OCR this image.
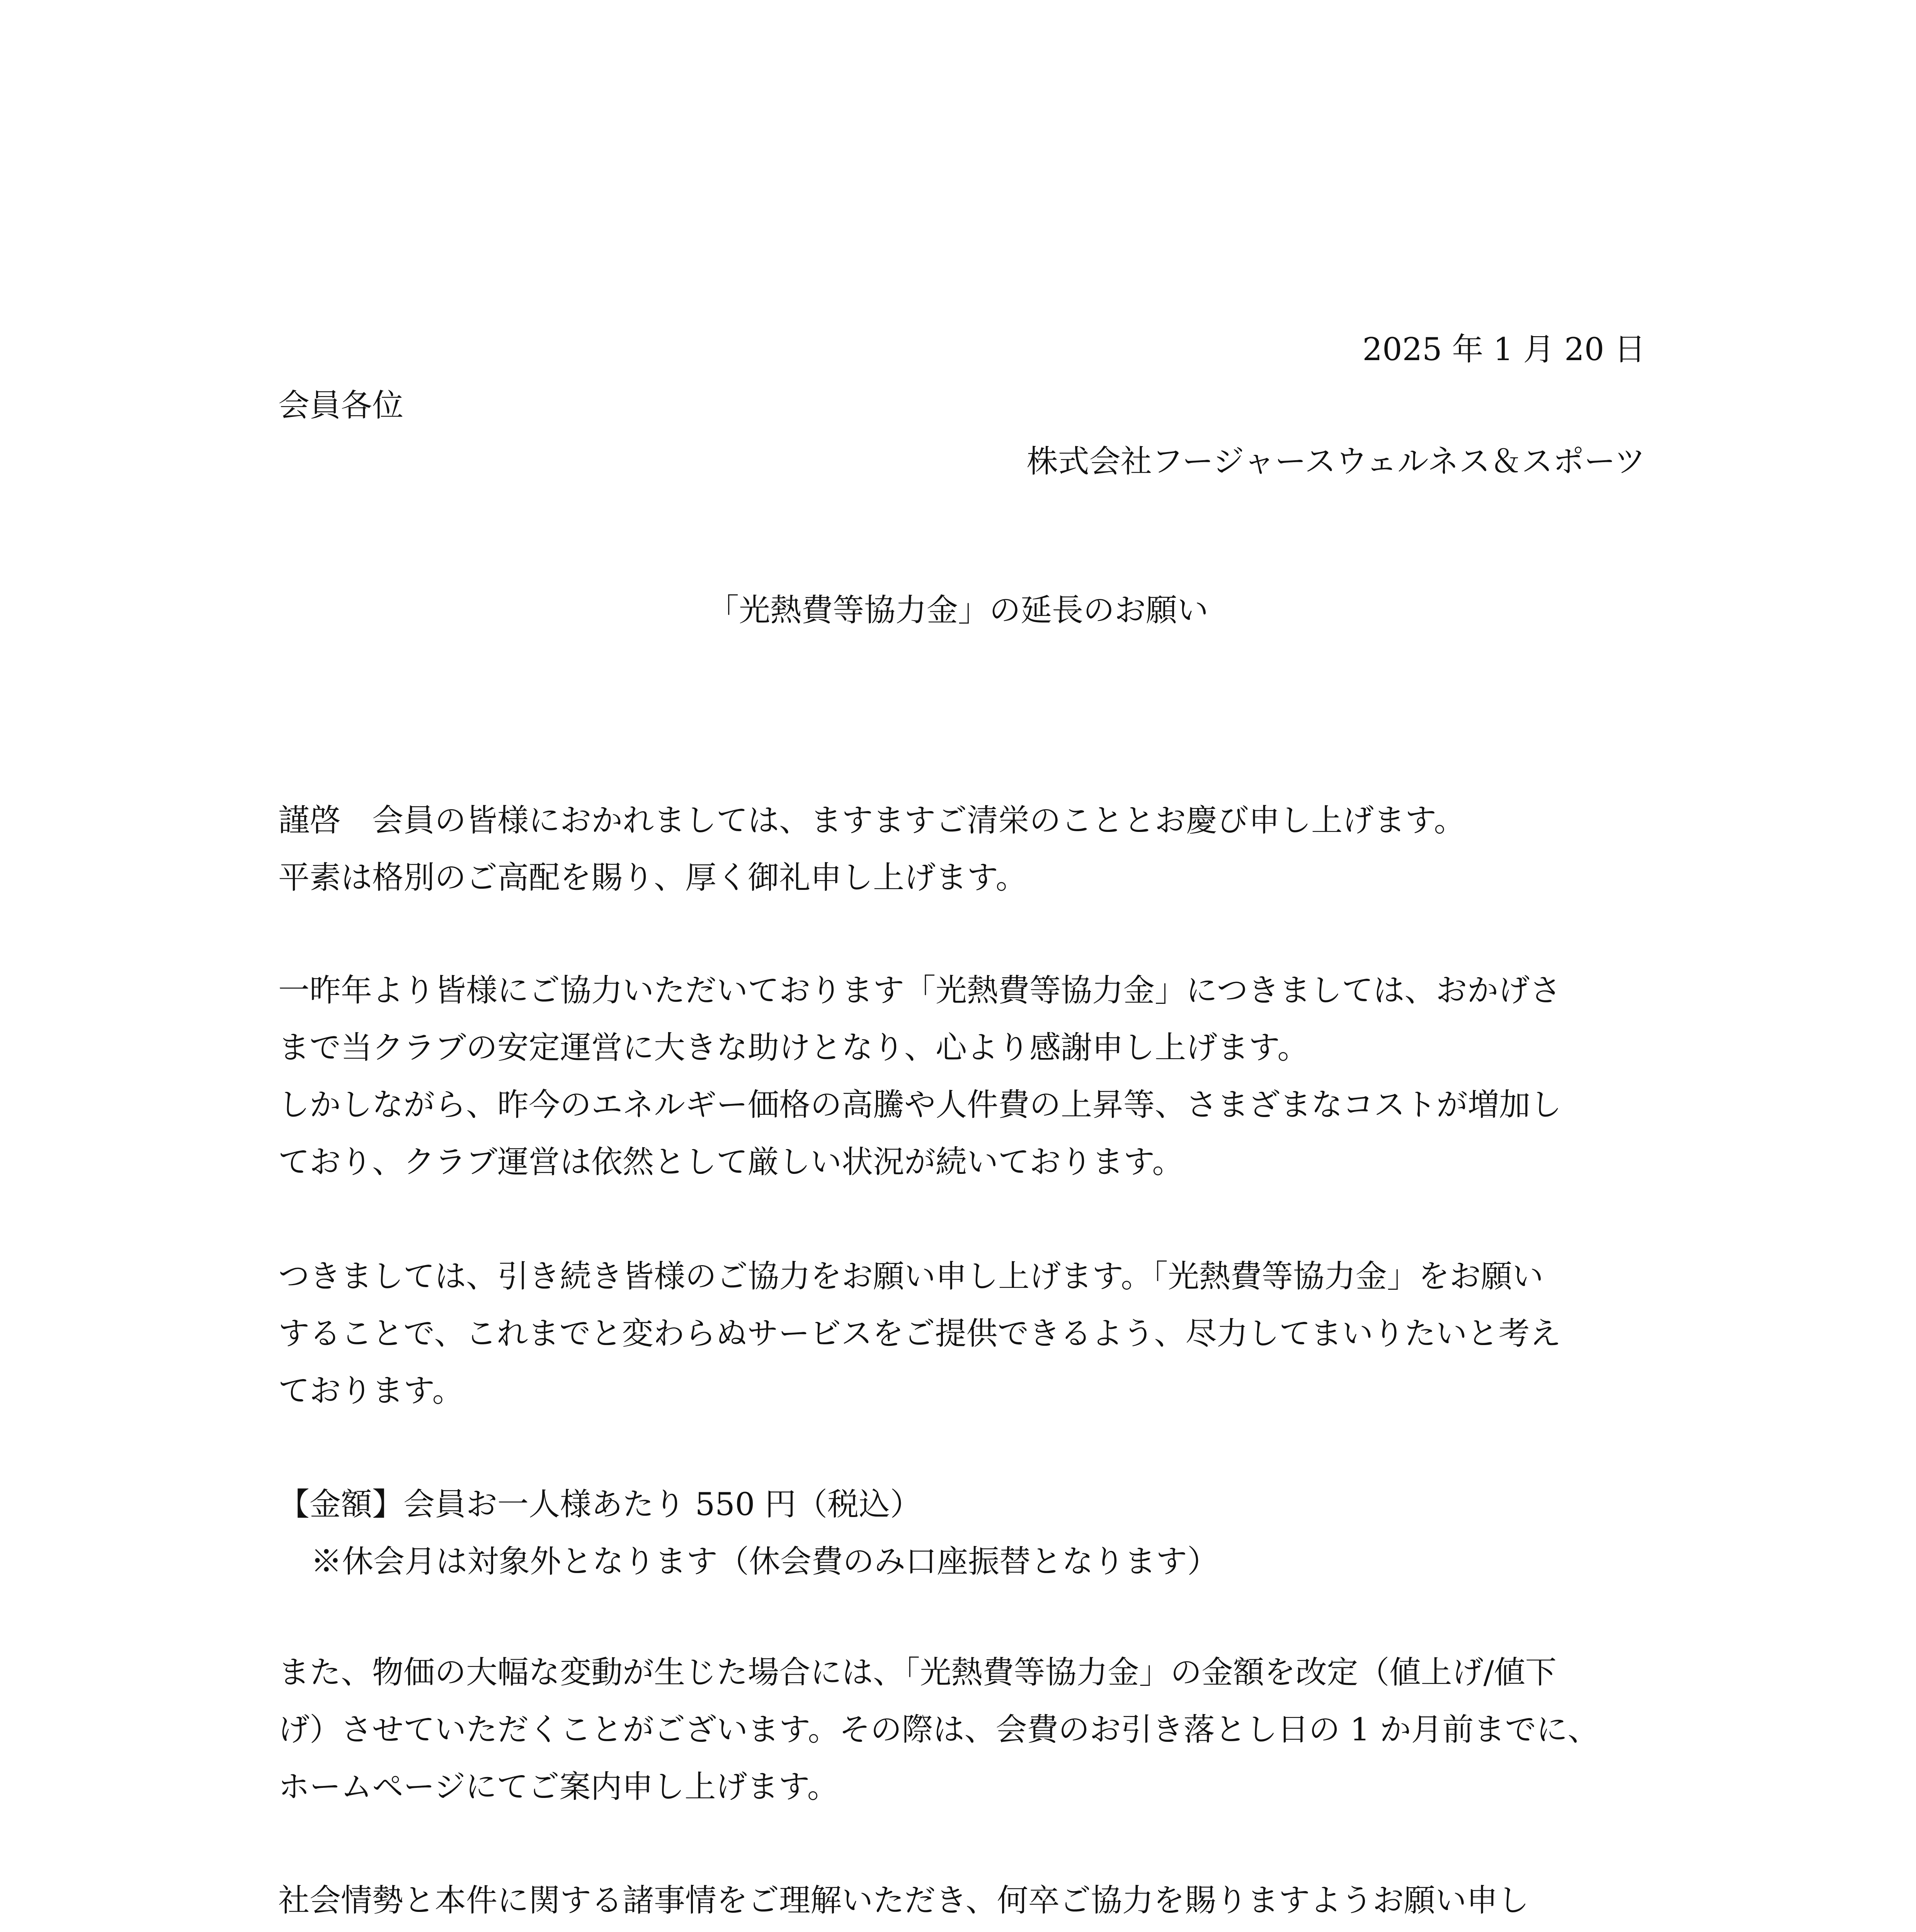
2025 年 1 月 20 日
会員各位
株式会社フージャースウェルネス＆スポーツ
「光熱費等協力金」の延長のお願い
謹啓　会員の皆様におかれましては、ますますご清栄のこととお慶び申し上げます。
平素は格別のご高配を賜り、厚く御礼申し上げます。
一昨年より皆様にご協力いただいております「光熱費等協力金」につきましては、おかげさ
まで当クラブの安定運営に大きな助けとなり、心より感謝申し上げます。
しかしながら、昨今のエネルギー価格の高騰や人件費の上昇等、さまざまなコストが増加し
ており、クラブ運営は依然として厳しい状況が続いております。
つきましては、引き続き皆様のご協力をお願い申し上げます。「光熱費等協力金」をお願い
することで、これまでと変わらぬサービスをご提供できるよう、尽力してまいりたいと考え
ております。
【金額】会員お一人様あたり 550 円（税込）
※休会月は対象外となります（休会費のみ口座振替となります）
また、物価の大幅な変動が生じた場合には、「光熱費等協力金」の金額を改定（値上げ/値下
げ）させていただくことがございます。その際は、会費のお引き落とし日の 1 か月前までに、
ホームページにてご案内申し上げます。
社会情勢と本件に関する諸事情をご理解いただき、何卒ご協力を賜りますようお願い申し
